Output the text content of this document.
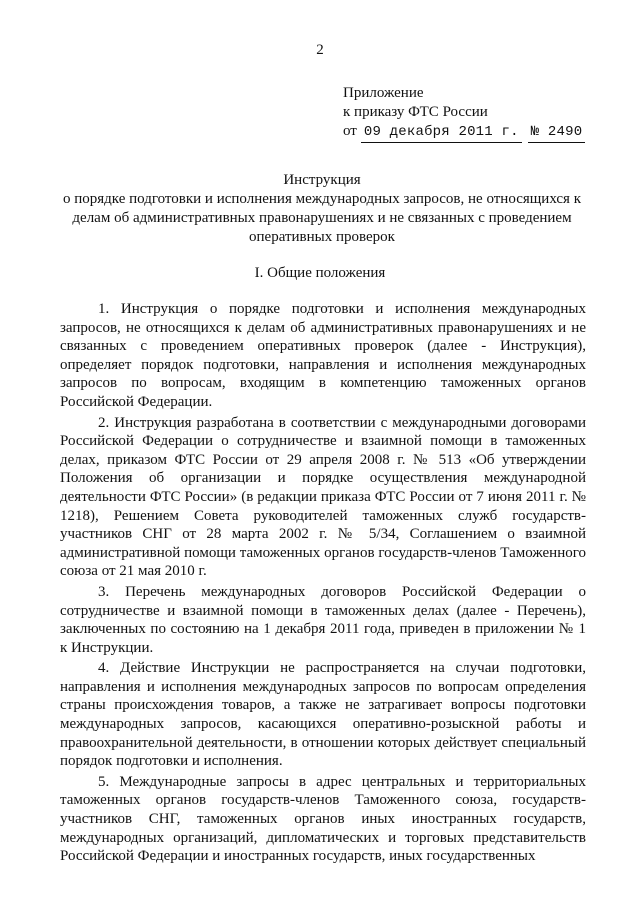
2
Приложение
к приказу ФТС России
от 09 декабря 2011 г. № 2490
Инструкция
о порядке подготовки и исполнения международных запросов, не относящихся к делам об административных правонарушениях и не связанных с проведением оперативных проверок
I. Общие положения

1. Инструкция о порядке подготовки и исполнения международных запросов, не относящихся к делам об административных правонарушениях и не связанных с проведением оперативных проверок (далее - Инструкция), определяет порядок подготовки, направления и исполнения международных запросов по вопросам, входящим в компетенцию таможенных органов Российской Федерации.

2. Инструкция разработана в соответствии с международными договорами Российской Федерации о сотрудничестве и взаимной помощи в таможенных делах, приказом ФТС России от 29 апреля 2008 г. № 513 «Об утверждении Положения об организации и порядке осуществления международной деятельности ФТС России» (в редакции приказа ФТС России от 7 июня 2011 г. № 1218), Решением Совета руководителей таможенных служб государств-участников СНГ от 28 марта 2002 г. № 5/34, Соглашением о взаимной административной помощи таможенных органов государств-членов Таможенного союза от 21 мая 2010 г.

3. Перечень международных договоров Российской Федерации о сотрудничестве и взаимной помощи в таможенных делах (далее - Перечень), заключенных по состоянию на 1 декабря 2011 года, приведен в приложении № 1 к Инструкции.

4. Действие Инструкции не распространяется на случаи подготовки, направления и исполнения международных запросов по вопросам определения страны происхождения товаров, а также не затрагивает вопросы подготовки международных запросов, касающихся оперативно-розыскной работы и правоохранительной деятельности, в отношении которых действует специальный порядок подготовки и исполнения.

5. Международные запросы в адрес центральных и территориальных таможенных органов государств-членов Таможенного союза, государств-участников СНГ, таможенных органов иных иностранных государств, международных организаций, дипломатических и торговых представительств Российской Федерации и иностранных государств, иных государственных
